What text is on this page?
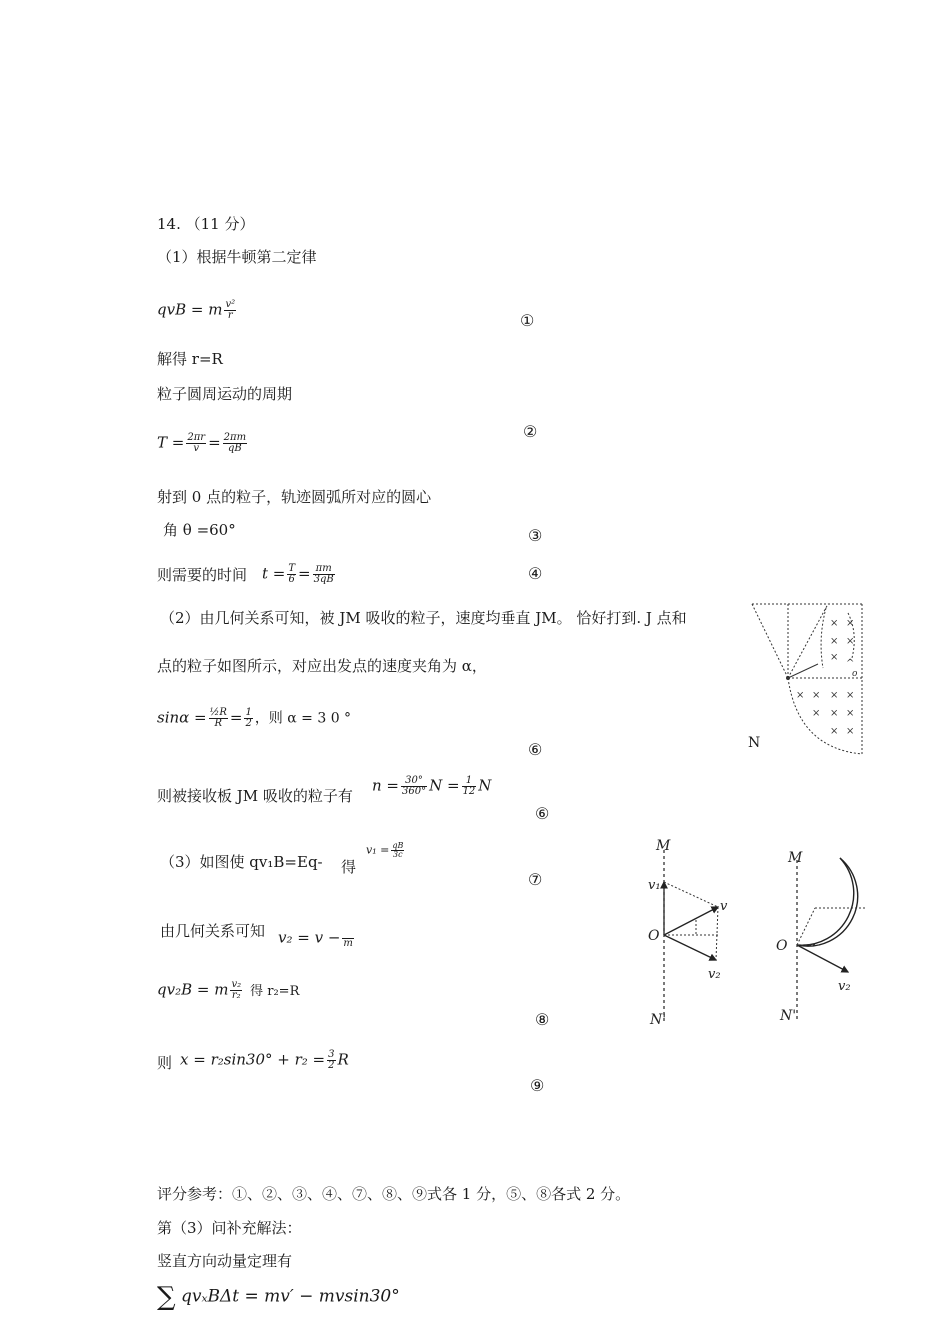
14. （11 分）
（1）根据牛顿第二定律
qvB = m $\frac{\text{v²}}{r}$	①
解得 r=R
粒子圆周运动的周期
$T = \frac{2\pi r}{v} = \frac{2\pi m}{qB}$
②
射到 0 点的粒子，轨迹圆弧所对应的圆心
角 θ =60°	③
则需要的时间 $t = \frac{T}{6} = \frac{\pi m}{3qB}$	④
（2）由几何关系可知，被 JM 吸收的粒子，速度均垂直 JM。 恰好打到. J 点和
点的粒子如图所示，对应出发点的速度夹角为 α，
$\sin\alpha = \frac{\text{½R}}{R} = \frac{1}{2}$ ，则 α = 3 0 °
⑥
则被接收板 JM 吸收的粒子有
$n = \frac{30^\circ}{360^\circ}$ $N = \frac{1}{12}$ N
⑥
× ×
× ×
×
^
× × × ×
× × ×
× ×
o
N
（3）如图使 qv₁B=Eq- 得
$v_1 = \frac{qB}{3c}$
⑦
由几何关系可知 v₂ = v − m
qv₂B = m $\frac{\text{v₂}}{\text{r₂}}$ 得 r₂=R
⑧
则 $x = r_2\sin 30^\circ + r_2 = \frac{3}{2}$ R
⑨
M
v₁
v
O
v₂
N'
M
O
v₂
N'
评分参考：①、②、③、④、⑦、⑧、⑨式各 1 分，⑤、⑧各式 2 分。
第（3）问补充解法：
竖直方向动量定理有
∑ qvₓBΔt = mv′ − mvsin30°
